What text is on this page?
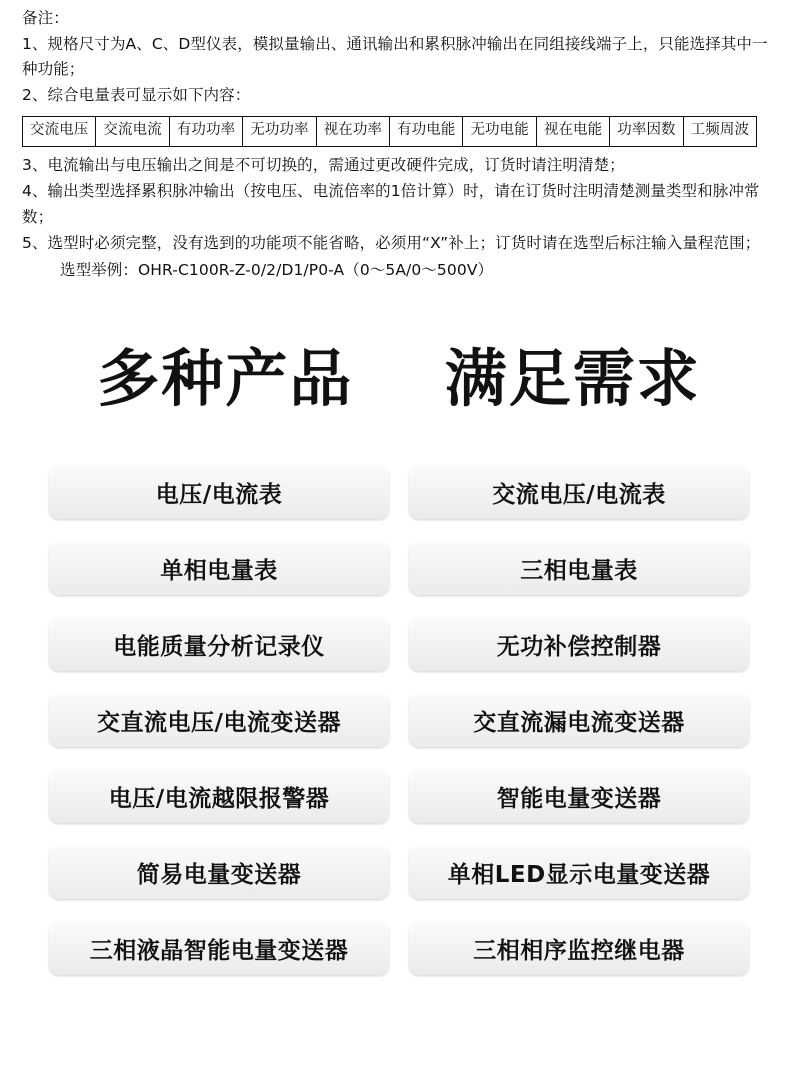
备注：

1、规格尺寸为A、C、D型仪表，模拟量输出、通讯输出和累积脉冲输出在同组接线端子上，只能选择其中一种功能；

2、综合电量表可显示如下内容：

交流电压	交流电流	有功功率	无功功率	视在功率	有功电能	无功电能	视在电能	功率因数	工频周波

3、电流输出与电压输出之间是不可切换的，需通过更改硬件完成，订货时请注明清楚；

4、输出类型选择累积脉冲输出（按电压、电流倍率的1倍计算）时，请在订货时注明清楚测量类型和脉冲常数；

5、选型时必须完整，没有选到的功能项不能省略，必须用“X”补上；订货时请在选型后标注输入量程范围；

选型举例：OHR-C100R-Z-0/2/D1/P0-A（0～5A/0～500V）

多种产品 满足需求
电压/电流表	交流电压/电流表
单相电量表	三相电量表
电能质量分析记录仪	无功补偿控制器
交直流电压/电流变送器	交直流漏电流变送器
电压/电流越限报警器	智能电量变送器
简易电量变送器	单相LED显示电量变送器
三相液晶智能电量变送器	三相相序监控继电器
